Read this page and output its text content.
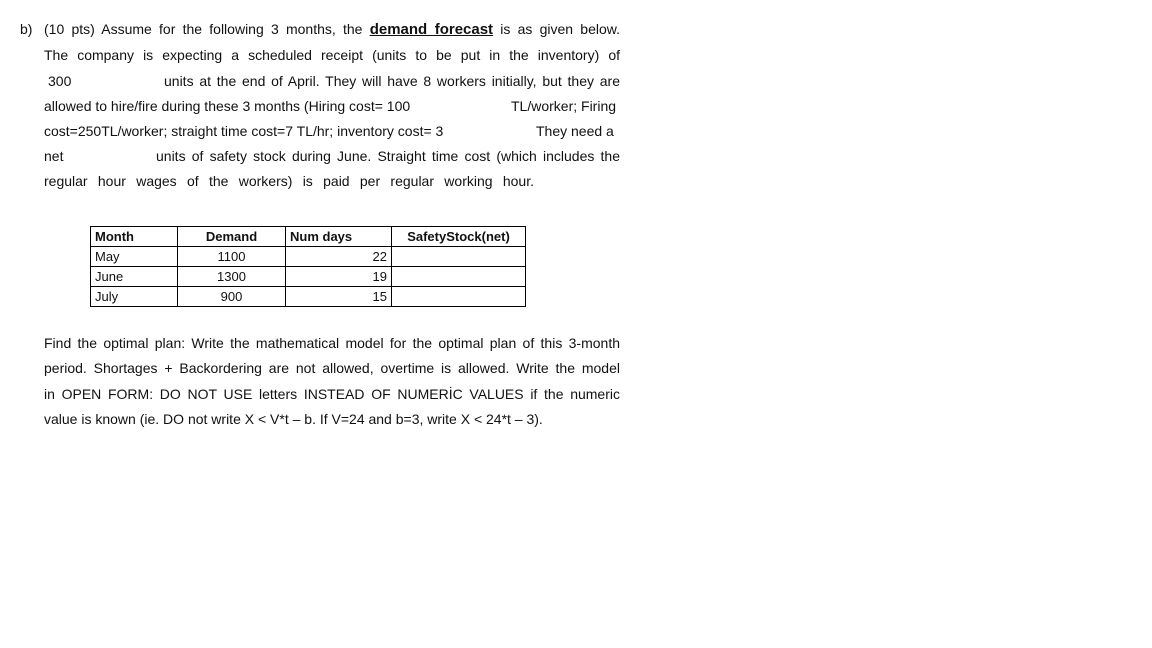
b) (10 pts) Assume for the following 3 months, the demand forecast is as given below.
The company is expecting a scheduled receipt (units to be put in the inventory) of
300	units at the end of April. They will have 8 workers initially, but they are
allowed to hire/fire during these 3 months (Hiring cost= 100	TL/worker; Firing
cost=250TL/worker; straight time cost=7 TL/hr; inventory cost= 3	They need a
net	units of safety stock during June. Straight time cost (which includes the
regular hour wages of the workers) is paid per regular working hour.
Month	Demand	Num days	SafetyStock(net)
May	1100	22	
June	1300	19	
July	900	15	
Find the optimal plan: Write the mathematical model for the optimal plan of this 3-month
period. Shortages + Backordering are not allowed, overtime is allowed. Write the model
in OPEN FORM: DO NOT USE letters INSTEAD OF NUMERİC VALUES if the numeric
value is known (ie. DO not write X < V*t – b. If V=24 and b=3, write X < 24*t – 3).
